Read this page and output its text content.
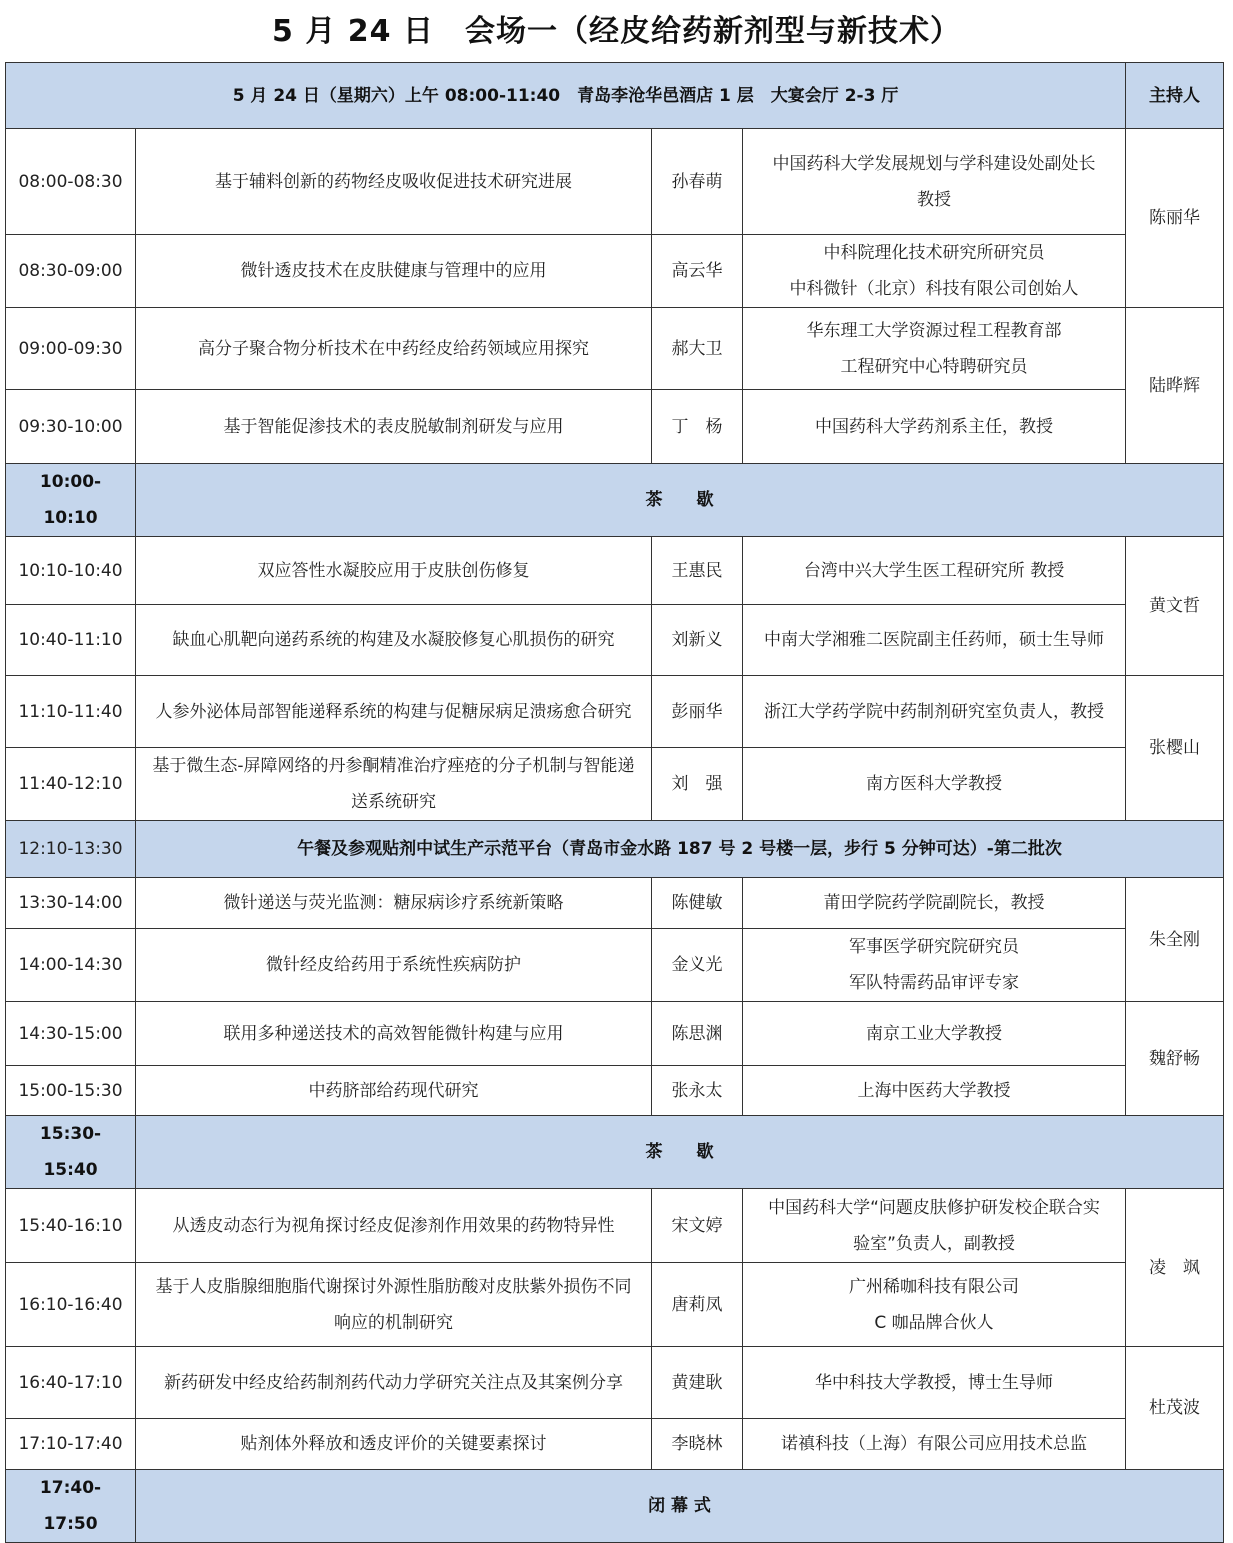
5 月 24 日　会场一（经皮给药新剂型与新技术）
5 月 24 日（星期六）上午 08:00-11:40　青岛李沧华邑酒店 1 层　大宴会厅 2-3 厅				主持人
08:00-08:30	基于辅料创新的药物经皮吸收促进技术研究进展	孙春萌	中国药科大学发展规划与学科建设处副处长
教授	陈丽华
08:30-09:00	微针透皮技术在皮肤健康与管理中的应用	高云华	中科院理化技术研究所研究员
中科微针（北京）科技有限公司创始人	

09:00-09:30	高分子聚合物分析技术在中药经皮给药领域应用探究	郝大卫	华东理工大学资源过程工程教育部
工程研究中心特聘研究员	陆晔辉
09:30-10:00	基于智能促渗技术的表皮脱敏制剂研发与应用	丁　杨	中国药科大学药剂系主任，教授	
10:00-10:10	茶　　歇			
10:10-10:40	双应答性水凝胶应用于皮肤创伤修复	王惠民	台湾中兴大学生医工程研究所 教授	黄文哲
10:40-11:10	缺血心肌靶向递药系统的构建及水凝胶修复心肌损伤的研究	刘新义	中南大学湘雅二医院副主任药师，硕士生导师	
11:10-11:40	人参外泌体局部智能递释系统的构建与促糖尿病足溃疡愈合研究	彭丽华	浙江大学药学院中药制剂研究室负责人，教授	张樱山
11:40-12:10	基于微生态-屏障网络的丹参酮精准治疗痤疮的分子机制与智能递
送系统研究	刘　强	南方医科大学教授	
12:10-13:30	午餐及参观贴剂中试生产示范平台（青岛市金水路 187 号 2 号楼一层，步行 5 分钟可达）-第二批次			
13:30-14:00	微针递送与荧光监测：糖尿病诊疗系统新策略	陈健敏	莆田学院药学院副院长，教授	朱全刚
14:00-14:30	微针经皮给药用于系统性疾病防护	金义光	军事医学研究院研究员
军队特需药品审评专家	

14:30-15:00	联用多种递送技术的高效智能微针构建与应用	陈思渊	南京工业大学教授	魏舒畅
15:00-15:30	中药脐部给药现代研究	张永太	上海中医药大学教授	
15:30-15:40	茶　　歇			
15:40-16:10	从透皮动态行为视角探讨经皮促渗剂作用效果的药物特异性	宋文婷	中国药科大学“问题皮肤修护研发校企联合实
验室”负责人，副教授	凌　飒
16:10-16:40	基于人皮脂腺细胞脂代谢探讨外源性脂肪酸对皮肤紫外损伤不同
响应的机制研究	唐莉凤	广州稀咖科技有限公司
C 咖品牌合伙人	

16:40-17:10	新药研发中经皮给药制剂药代动力学研究关注点及其案例分享	黄建耿	华中科技大学教授，博士生导师	杜茂波
17:10-17:40	贴剂体外释放和透皮评价的关键要素探讨	李晓林	诺禛科技（上海）有限公司应用技术总监	
17:40-17:50	闭 幕 式			
